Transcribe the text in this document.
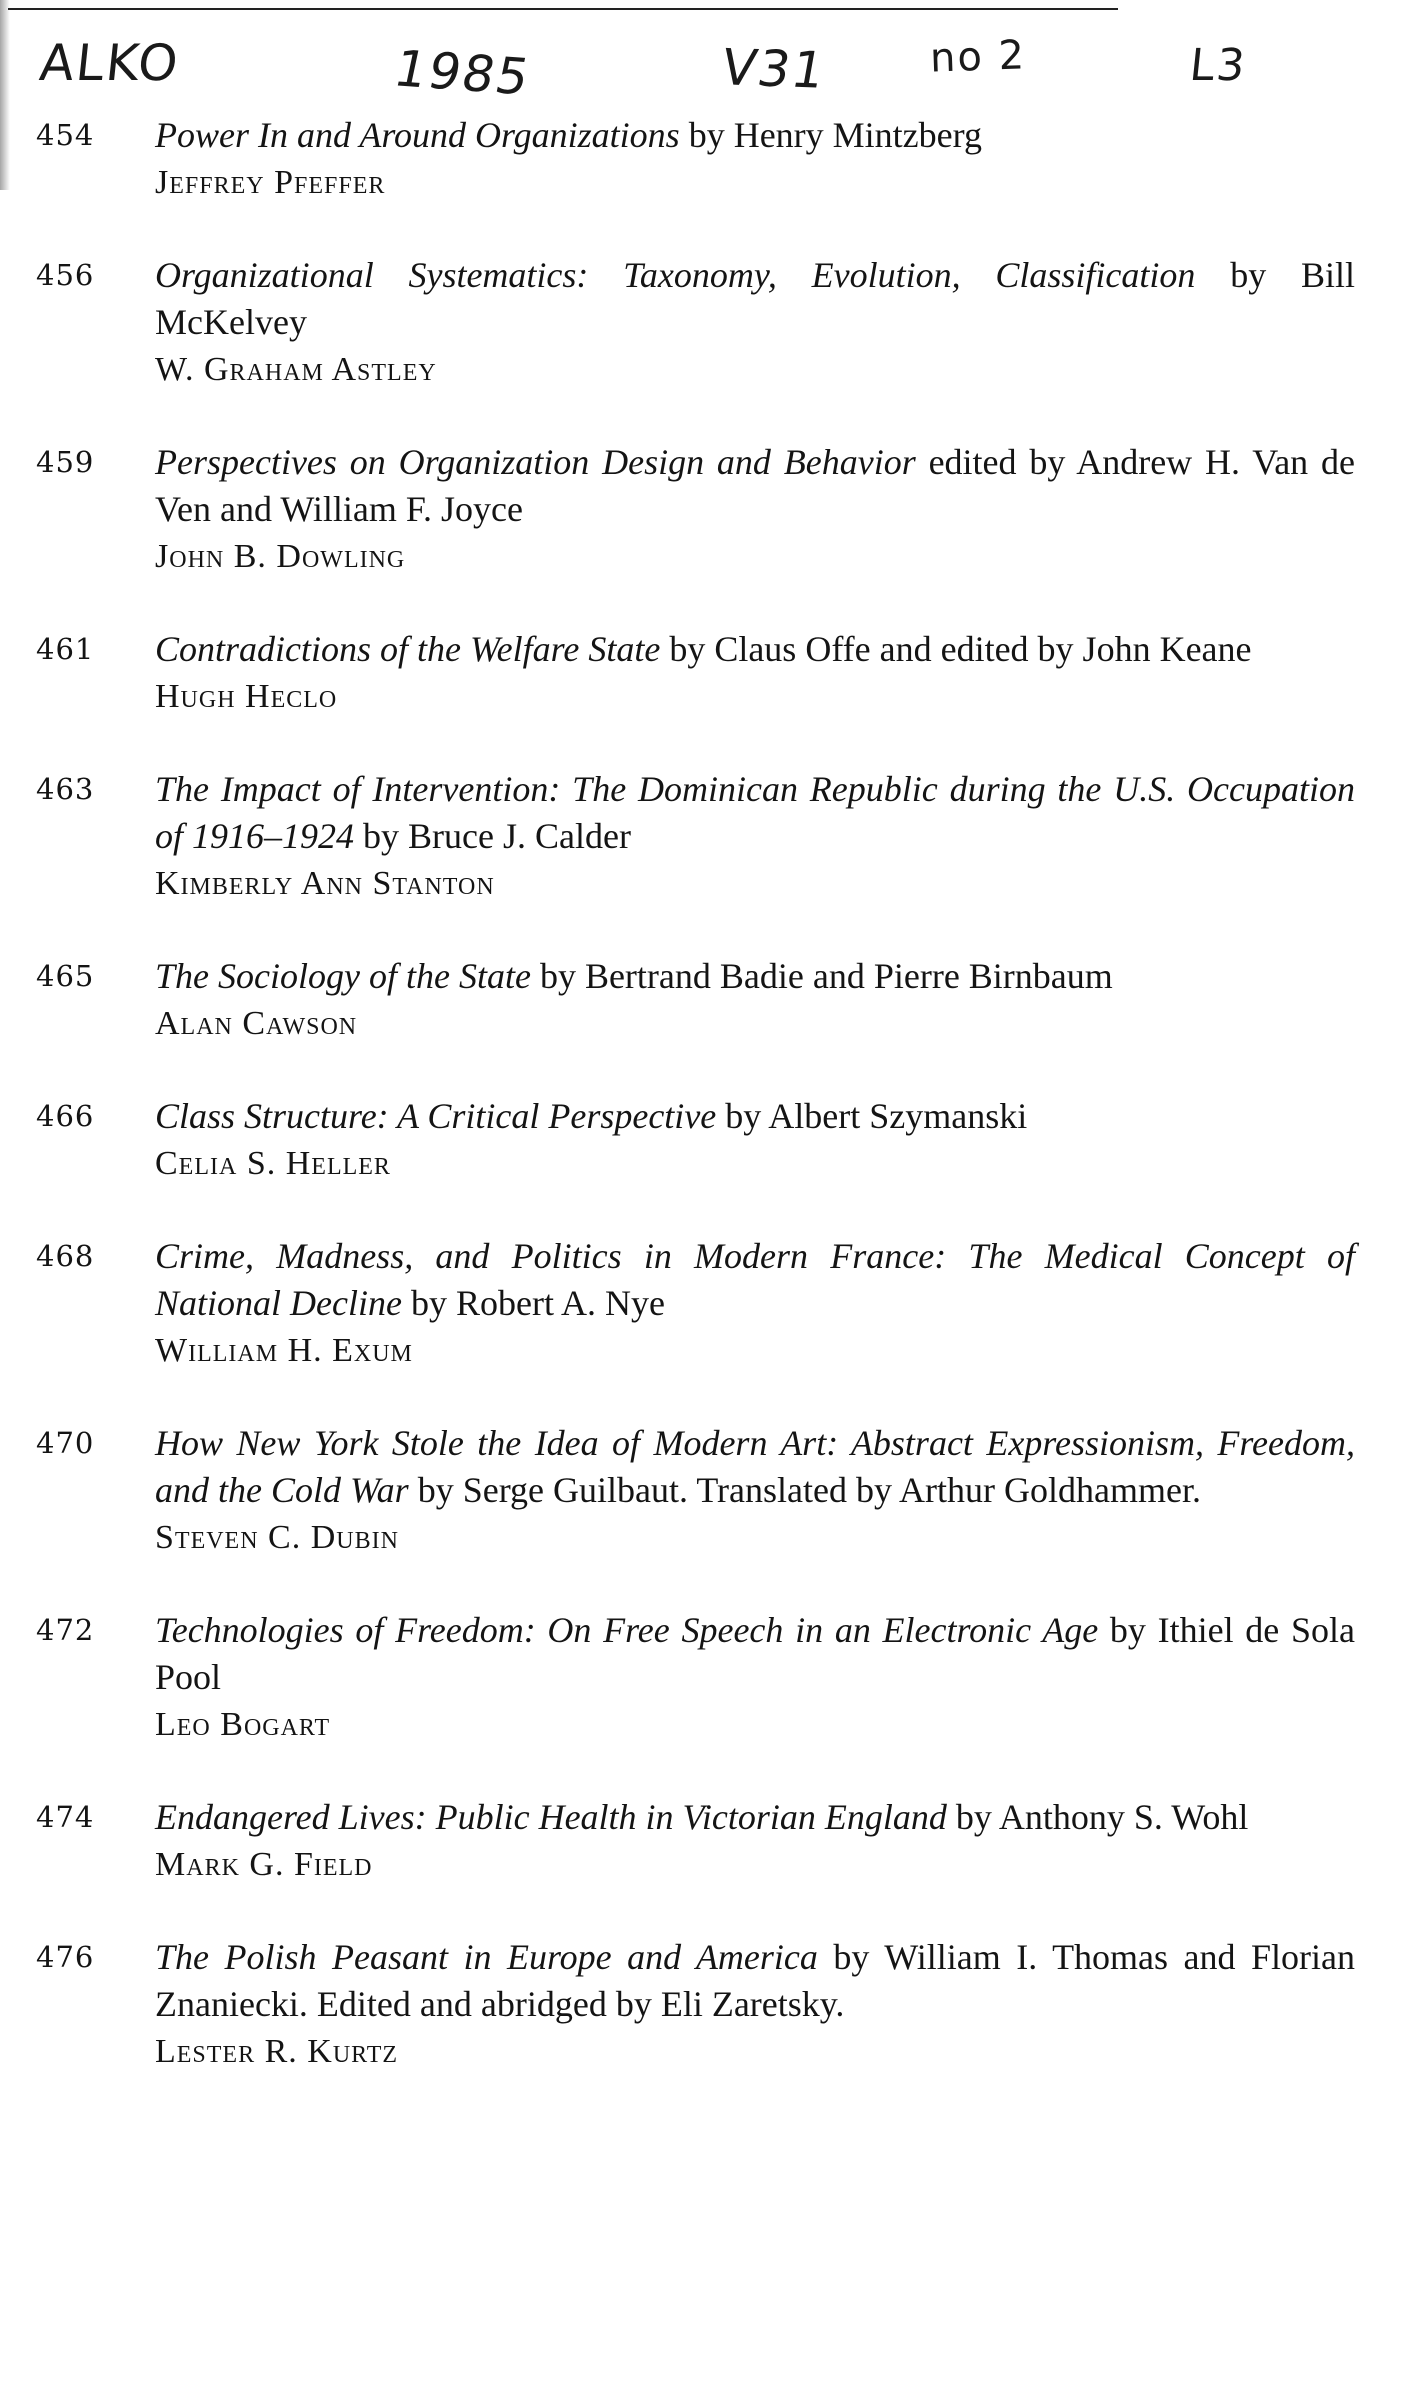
ALKO	1985	V31 no 2	L3
454 Power In and Around Organizations by Henry Mintzberg
Jeffrey Pfeffer
456 Organizational Systematics: Taxonomy, Evolution, Classification by Bill McKelvey
W. Graham Astley
459 Perspectives on Organization Design and Behavior edited by Andrew H. Van de Ven and William F. Joyce
John B. Dowling
461 Contradictions of the Welfare State by Claus Offe and edited by John Keane
Hugh Heclo
463 The Impact of Intervention: The Dominican Republic during the U.S. Occupation of 1916–1924 by Bruce J. Calder
Kimberly Ann Stanton
465 The Sociology of the State by Bertrand Badie and Pierre Birnbaum
Alan Cawson
466 Class Structure: A Critical Perspective by Albert Szymanski
Celia S. Heller
468 Crime, Madness, and Politics in Modern France: The Medical Concept of National Decline by Robert A. Nye
William H. Exum
470 How New York Stole the Idea of Modern Art: Abstract Expressionism, Freedom, and the Cold War by Serge Guilbaut. Translated by Arthur Goldhammer.
Steven C. Dubin
472 Technologies of Freedom: On Free Speech in an Electronic Age by Ithiel de Sola Pool
Leo Bogart
474 Endangered Lives: Public Health in Victorian England by Anthony S. Wohl
Mark G. Field
476 The Polish Peasant in Europe and America by William I. Thomas and Florian Znaniecki. Edited and abridged by Eli Zaretsky.
Lester R. Kurtz
